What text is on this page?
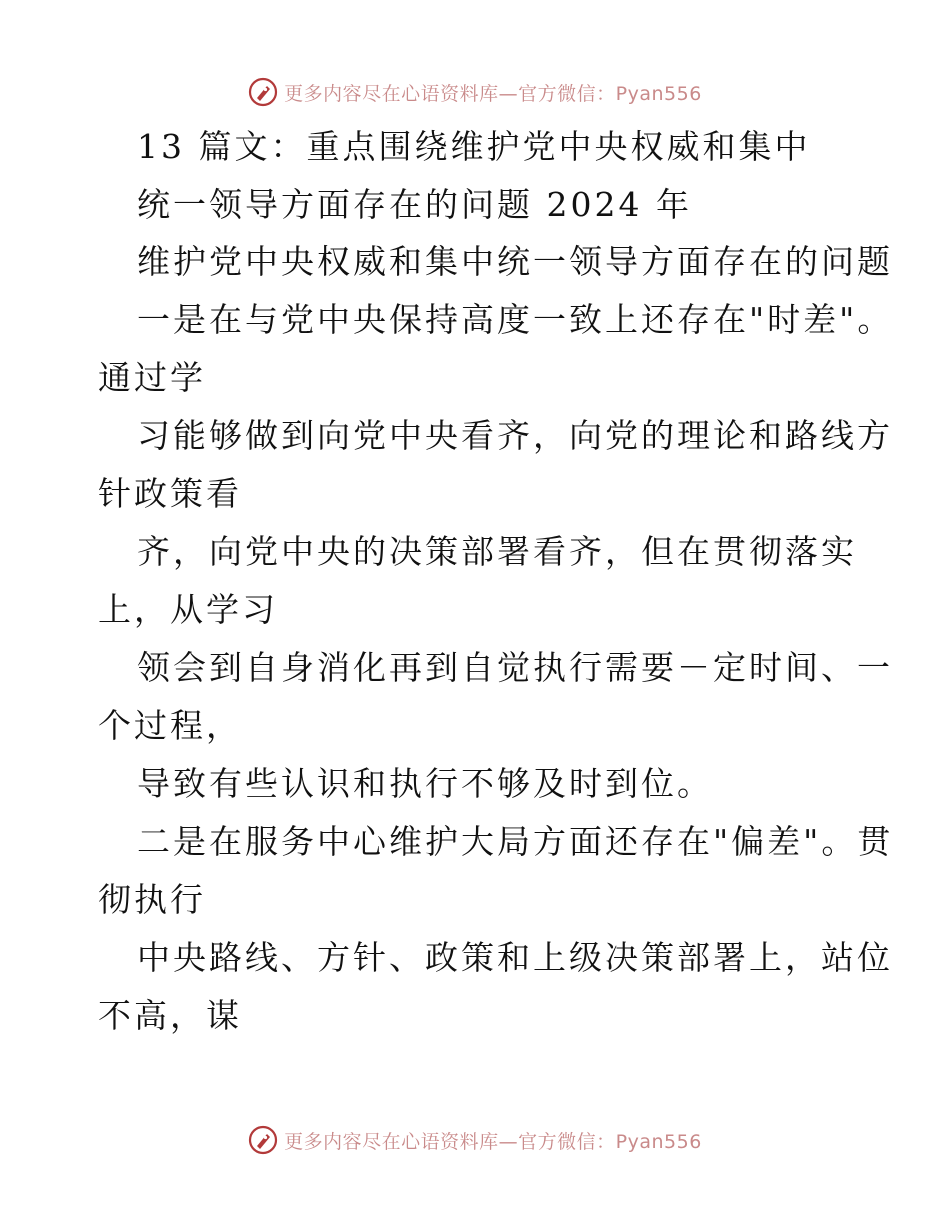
更多内容尽在心语资料库—官方微信：Pyan556
13 篇文：重点围绕维护党中央权威和集中
统一领导方面存在的问题 2024 年
维护党中央权威和集中统一领导方面存在的问题
一是在与党中央保持高度一致上还存在"时差"。
通过学
习能够做到向党中央看齐，向党的理论和路线方
针政策看
齐，向党中央的决策部署看齐，但在贯彻落实
上，从学习
领会到自身消化再到自觉执行需要－定时间、一
个过程，
导致有些认识和执行不够及时到位。
二是在服务中心维护大局方面还存在"偏差"。贯
彻执行
中央路线、方针、政策和上级决策部署上，站位
不高，谋
更多内容尽在心语资料库—官方微信：Pyan556
